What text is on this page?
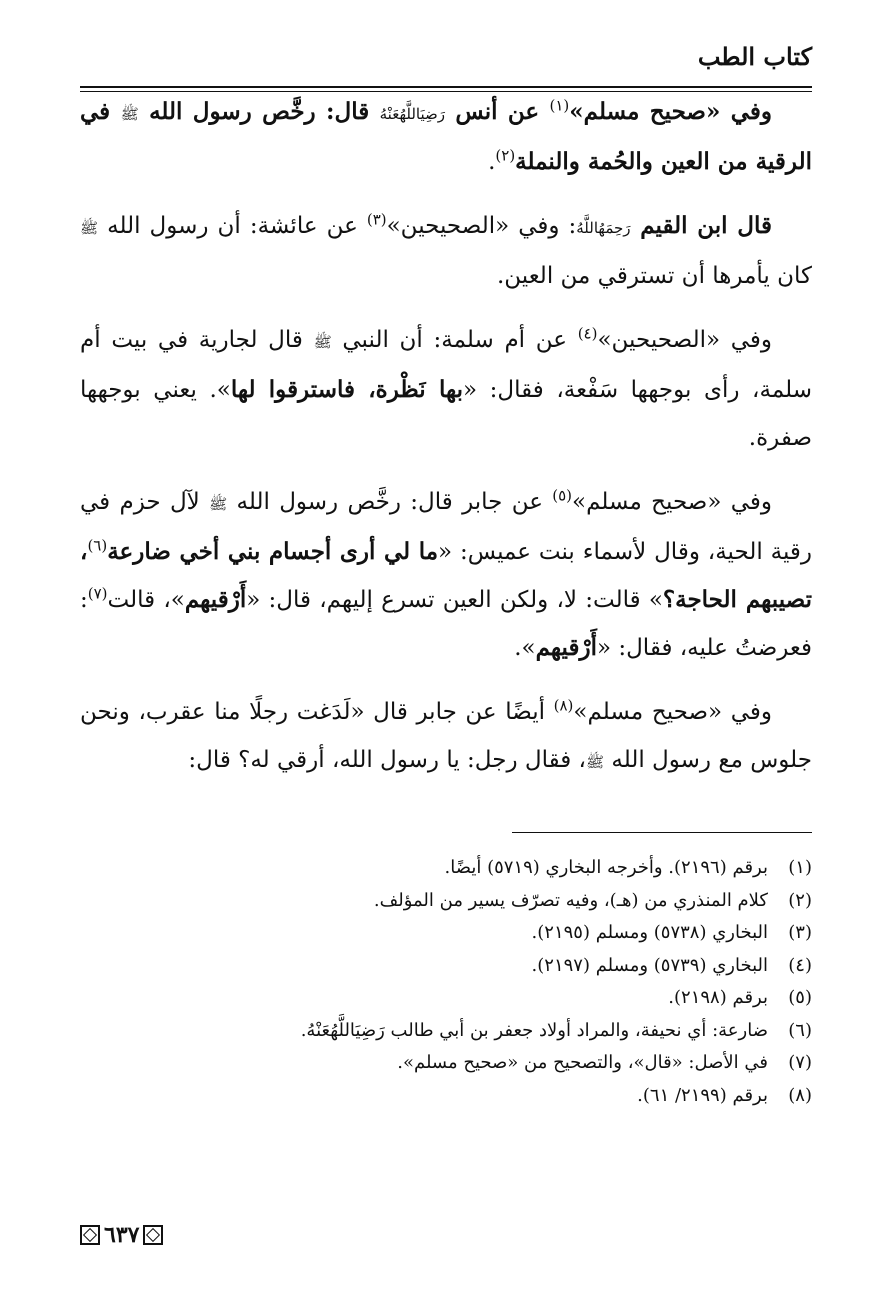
كتاب الطب

وفي «صحيح مسلم»$^{(١)}$ عن أنس رَضِيَاللَّهُعَنْهُ قال: رخَّص رسول الله ﷺ في الرقية من العين والحُمة والنملة$^{(٢)}$.

قال ابن القيم رَحِمَهُاللَّهُ: وفي «الصحيحين»$^{(٣)}$ عن عائشة: أن رسول الله ﷺ كان يأمرها أن تسترقي من العين.

وفي «الصحيحين»$^{(٤)}$ عن أم سلمة: أن النبي ﷺ قال لجارية في بيت أم سلمة، رأى بوجهها سَفْعة، فقال: «بها نَظْرة، فاسترقوا لها». يعني بوجهها صفرة.

وفي «صحيح مسلم»$^{(٥)}$ عن جابر قال: رخَّص رسول الله ﷺ لآل حزم في رقية الحية، وقال لأسماء بنت عميس: «ما لي أرى أجسام بني أخي ضارعة$^{(٦)}$، تصيبهم الحاجة؟» قالت: لا، ولكن العين تسرع إليهم، قال: «أَرْقيهم»، قالت$^{(٧)}$: فعرضتُ عليه، فقال: «أَرْقيهم».

وفي «صحيح مسلم»$^{(٨)}$ أيضًا عن جابر قال «لَدَغت رجلًا منا عقرب، ونحن جلوس مع رسول الله ﷺ، فقال رجل: يا رسول الله، أرقي له؟ قال:

(١)
برقم (٢١٩٦). وأخرجه البخاري (٥٧١٩) أيضًا.
(٢)
كلام المنذري من (هـ)، وفيه تصرّف يسير من المؤلف.
(٣)
البخاري (٥٧٣٨) ومسلم (٢١٩٥).
(٤)
البخاري (٥٧٣٩) ومسلم (٢١٩٧).
(٥)
برقم (٢١٩٨).
(٦)
ضارعة: أي نحيفة، والمراد أولاد جعفر بن أبي طالب رَضِيَاللَّهُعَنْهُ.
(٧)
في الأصل: «قال»، والتصحيح من «صحيح مسلم».
(٨)
برقم (٢١٩٩/ ٦١).
٦٣٧
